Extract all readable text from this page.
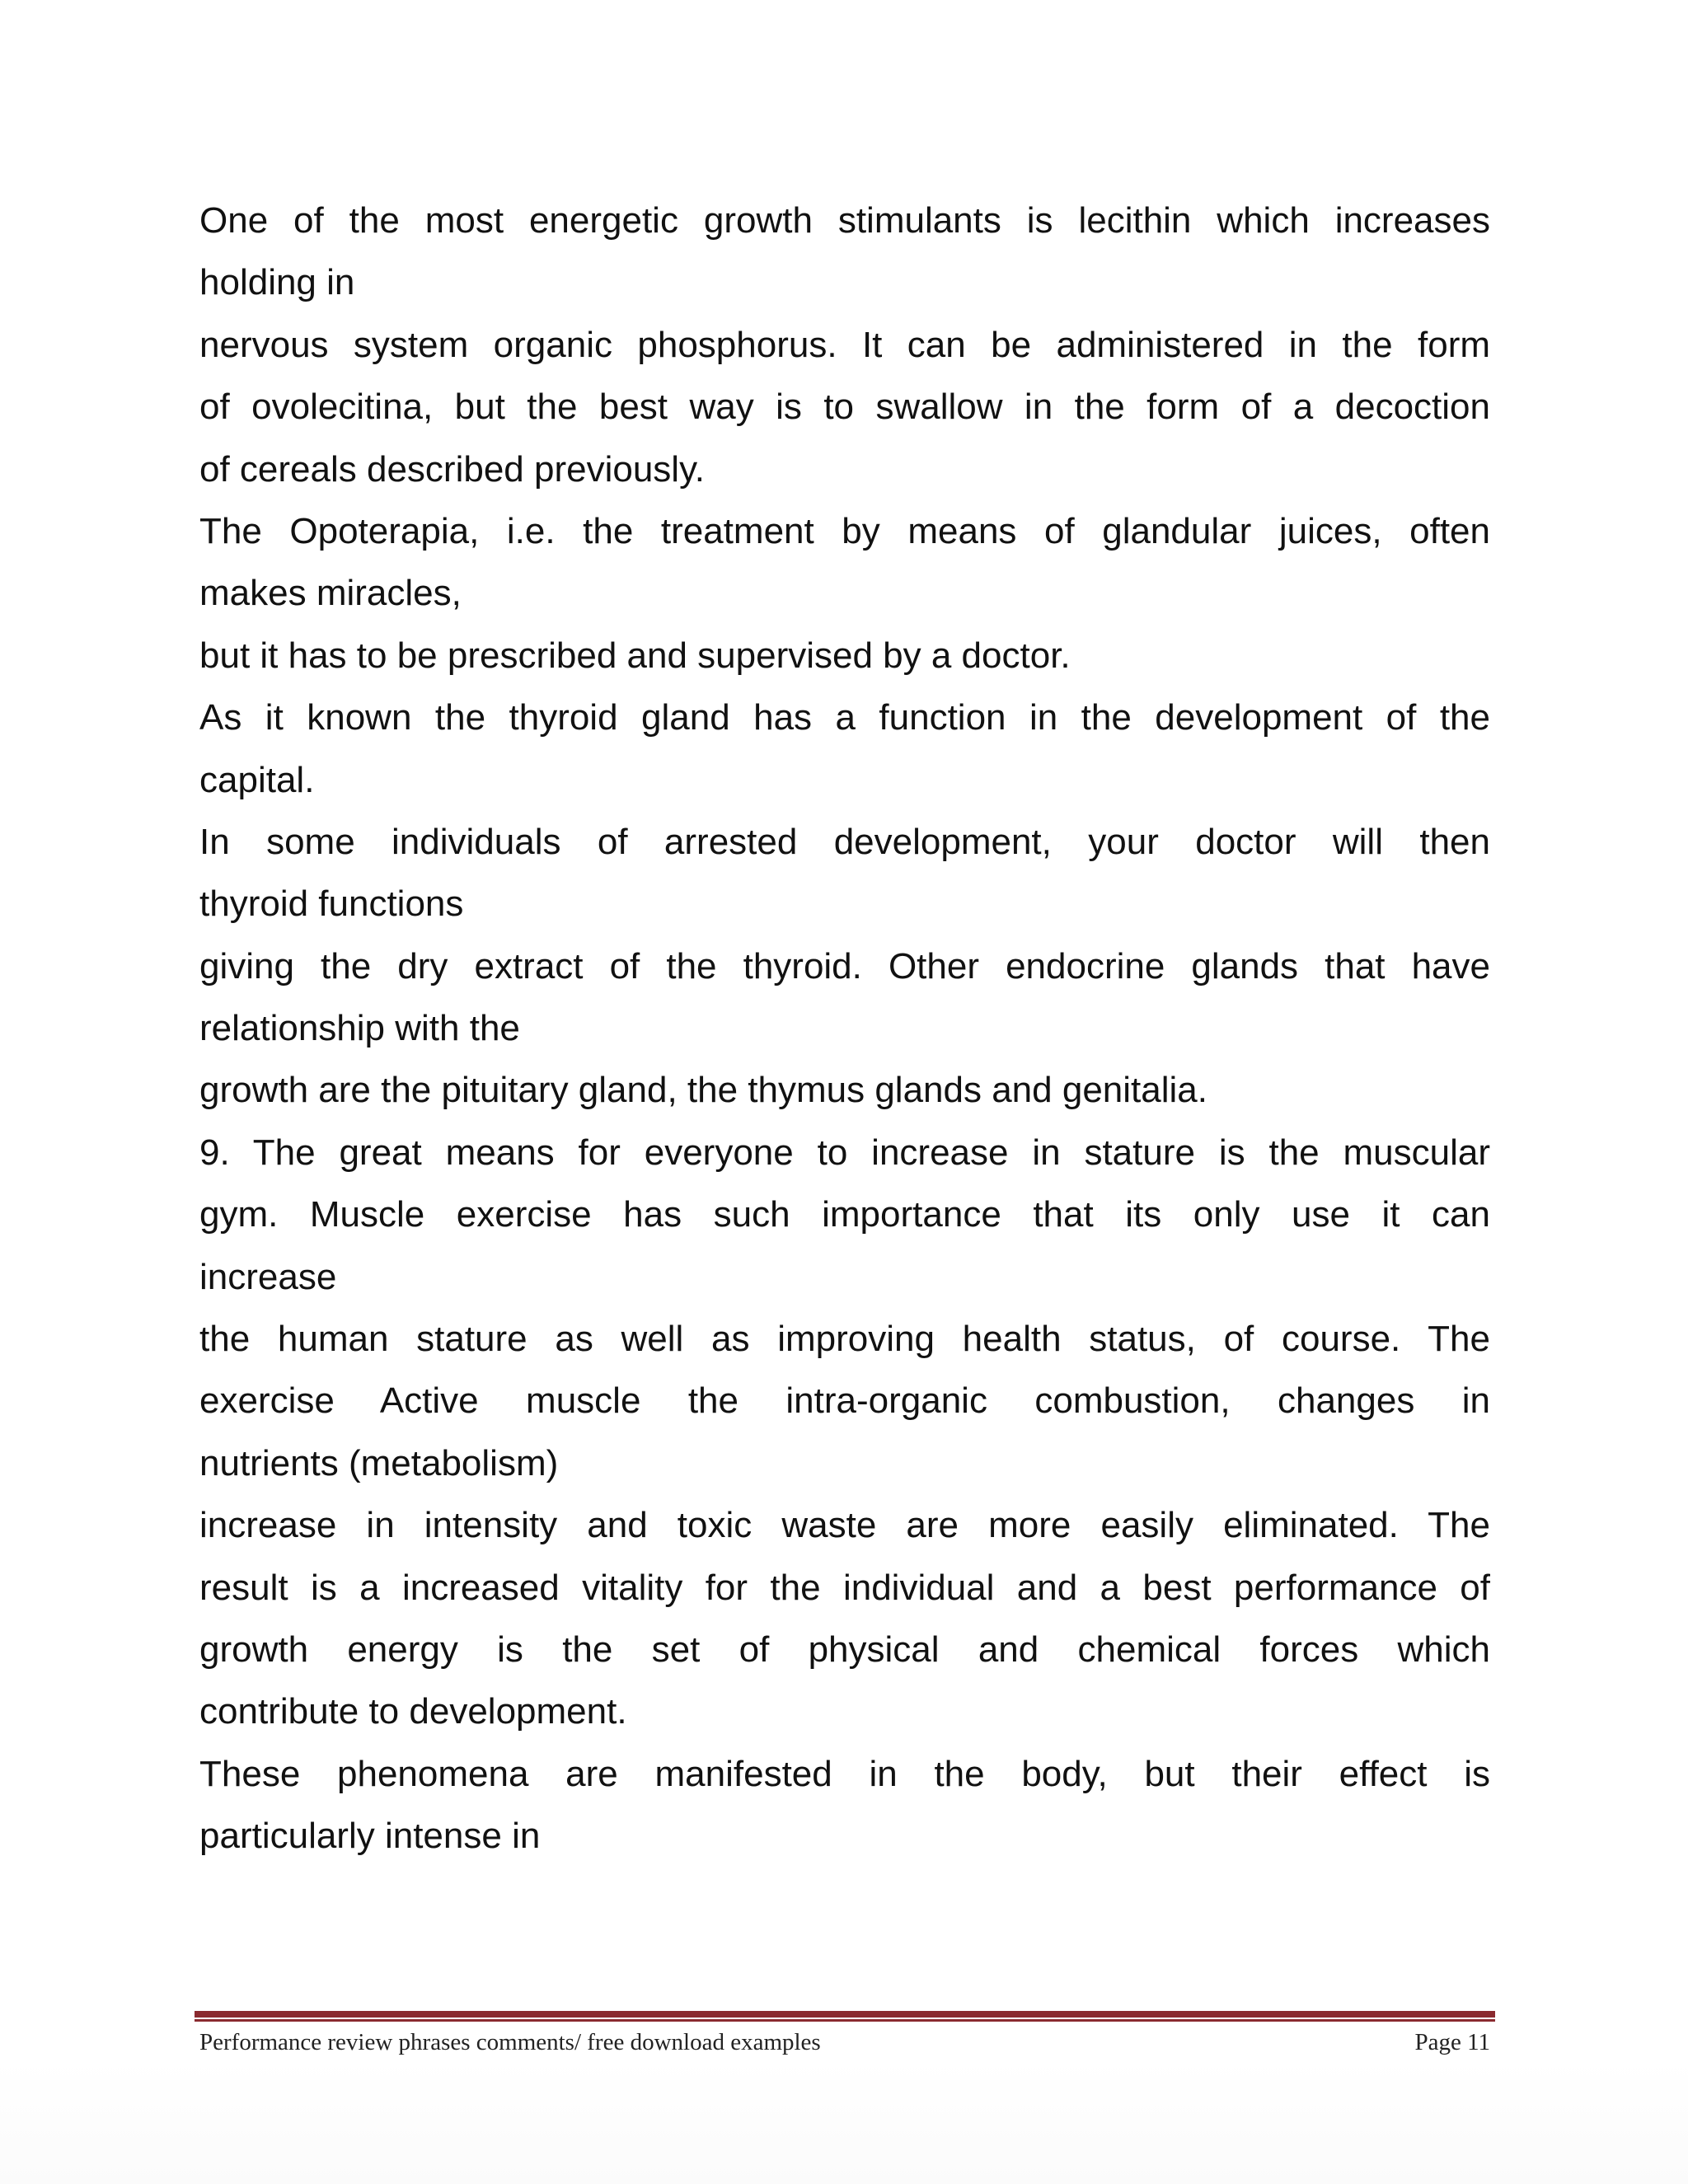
One of the most energetic growth stimulants is lecithin which increases
holding in
nervous system organic phosphorus. It can be administered in the form
of ovolecitina, but the best way is to swallow in the form of a decoction
of cereals described previously.
The Opoterapia, i.e. the treatment by means of glandular juices, often
makes miracles,
but it has to be prescribed and supervised by a doctor.
As it known the thyroid gland has a function in the development of the
capital.
In some individuals of arrested development, your doctor will then
thyroid functions
giving the dry extract of the thyroid. Other endocrine glands that have
relationship with the
growth are the pituitary gland, the thymus glands and genitalia.
9. The great means for everyone to increase in stature is the muscular
gym. Muscle exercise has such importance that its only use it can
increase
the human stature as well as improving health status, of course. The
exercise Active muscle the intra-organic combustion, changes in
nutrients (metabolism)
increase in intensity and toxic waste are more easily eliminated. The
result is a increased vitality for the individual and a best performance of
growth energy is the set of physical and chemical forces which
contribute to development.
These phenomena are manifested in the body, but their effect is
particularly intense in
Performance review phrases comments/ free download examples	Page 11
